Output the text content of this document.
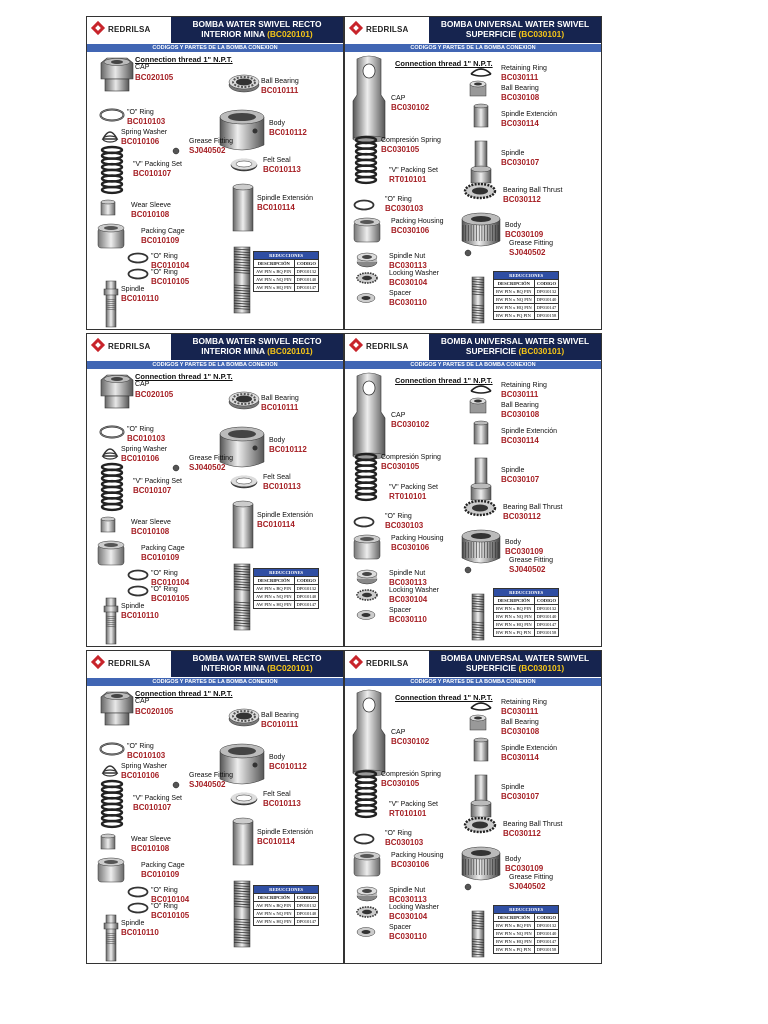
REDRILSA
BOMBA WATER SWIVEL RECTO
INTERIOR MINA (BC020101)
CODIGOS Y PARTES DE LA BOMBA CONEXION
Connection thread 1" N.P.T.
CAP
BC020105	Ball Bearing
BC010111
"O" Ring
BC010103	Body
BC010112
Spring Washer
BC010106	Grease Fitting
SJ040502
"V" Packing Set
BC010107
Felt Seal
BC010113
Spindle Extensión
BC010114
Wear Sleeve
BC010108
Packing Cage
BC010109
"O" Ring
BC010104
"O" Ring
BC010105
Spindle
BC010110
REDUCCIONES	
DESCRIPCIÓN	CODIGO
AW PIN x BQ PIN	DP010132
AW PIN x NQ PIN	DP010140
AW PIN x HQ PIN	DP010147
REDRILSA
BOMBA UNIVERSAL WATER SWIVEL
SUPERFICIE (BC030101)
CODIGOS Y PARTES DE LA BOMBA CONEXION
Connection thread 1" N.P.T.
Retaining Ring
BC030111
Ball Bearing
BC030108
CAP
BC030102
Spindle Extención
BC030114
Compresión Spring
BC030105	Spindle
BC030107
"V" Packing Set
RT010101
Bearing Ball Thrust
BC030112
"O" Ring
BC030103
Packing Housing
BC030106
Body
BC030109
Grease Fitting
SJ040502
Spindle Nut
BC030113
Locking Washer
BC030104
Spacer
BC030110
REDUCCIONES	
DESCRIPCIÓN	CODIGO
BW PIN x BQ PIN	DP010132
BW PIN x NQ PIN	DP010140
BW PIN x HQ PIN	DP010147
BW PIN x PQ PIN	DP010158
REDRILSA
BOMBA WATER SWIVEL RECTO
INTERIOR MINA (BC020101)
CODIGOS Y PARTES DE LA BOMBA CONEXION
Connection thread 1" N.P.T.
CAP
BC020105	Ball Bearing
BC010111
"O" Ring
BC010103	Body
BC010112
Spring Washer
BC010106	Grease Fitting
SJ040502
"V" Packing Set
BC010107
Felt Seal
BC010113
Spindle Extensión
BC010114
Wear Sleeve
BC010108
Packing Cage
BC010109
"O" Ring
BC010104
"O" Ring
BC010105
Spindle
BC010110
REDUCCIONES	
DESCRIPCIÓN	CODIGO
AW PIN x BQ PIN	DP010132
AW PIN x NQ PIN	DP010140
AW PIN x HQ PIN	DP010147
REDRILSA
BOMBA UNIVERSAL WATER SWIVEL
SUPERFICIE (BC030101)
CODIGOS Y PARTES DE LA BOMBA CONEXION
Connection thread 1" N.P.T.
Retaining Ring
BC030111
Ball Bearing
BC030108
CAP
BC030102
Spindle Extención
BC030114
Compresión Spring
BC030105	Spindle
BC030107
"V" Packing Set
RT010101
Bearing Ball Thrust
BC030112
"O" Ring
BC030103
Packing Housing
BC030106
Body
BC030109
Grease Fitting
SJ040502
Spindle Nut
BC030113
Locking Washer
BC030104
Spacer
BC030110
REDUCCIONES	
DESCRIPCIÓN	CODIGO
BW PIN x BQ PIN	DP010132
BW PIN x NQ PIN	DP010140
BW PIN x HQ PIN	DP010147
BW PIN x PQ PIN	DP010158
REDRILSA
BOMBA WATER SWIVEL RECTO
INTERIOR MINA (BC020101)
CODIGOS Y PARTES DE LA BOMBA CONEXION
Connection thread 1" N.P.T.
CAP
BC020105	Ball Bearing
BC010111
"O" Ring
BC010103	Body
BC010112
Spring Washer
BC010106	Grease Fitting
SJ040502
"V" Packing Set
BC010107
Felt Seal
BC010113
Spindle Extensión
BC010114
Wear Sleeve
BC010108
Packing Cage
BC010109
"O" Ring
BC010104
"O" Ring
BC010105
Spindle
BC010110
REDUCCIONES	
DESCRIPCIÓN	CODIGO
AW PIN x BQ PIN	DP010132
AW PIN x NQ PIN	DP010140
AW PIN x HQ PIN	DP010147
REDRILSA
BOMBA UNIVERSAL WATER SWIVEL
SUPERFICIE (BC030101)
CODIGOS Y PARTES DE LA BOMBA CONEXION
Connection thread 1" N.P.T.
Retaining Ring
BC030111
Ball Bearing
BC030108
CAP
BC030102
Spindle Extención
BC030114
Compresión Spring
BC030105	Spindle
BC030107
"V" Packing Set
RT010101
Bearing Ball Thrust
BC030112
"O" Ring
BC030103
Packing Housing
BC030106
Body
BC030109
Grease Fitting
SJ040502
Spindle Nut
BC030113
Locking Washer
BC030104
Spacer
BC030110
REDUCCIONES	
DESCRIPCIÓN	CODIGO
BW PIN x BQ PIN	DP010132
BW PIN x NQ PIN	DP010140
BW PIN x HQ PIN	DP010147
BW PIN x PQ PIN	DP010158
